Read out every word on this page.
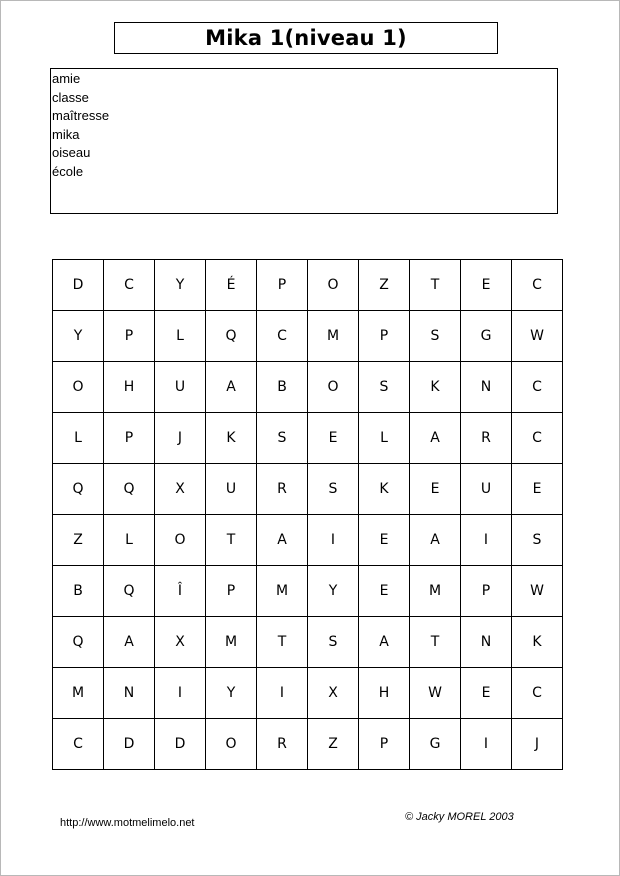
Mika 1(niveau 1)
amie
classe
maîtresse
mika
oiseau
école
D	C	Y	É	P	O	Z	T	E	C
Y	P	L	Q	C	M	P	S	G	W
O	H	U	A	B	O	S	K	N	C
L	P	J	K	S	E	L	A	R	C
Q	Q	X	U	R	S	K	E	U	E
Z	L	O	T	A	I	E	A	I	S
B	Q	Î	P	M	Y	E	M	P	W
Q	A	X	M	T	S	A	T	N	K
M	N	I	Y	I	X	H	W	E	C
C	D	D	O	R	Z	P	G	I	J
http://www.motmelimelo.net	© Jacky MOREL 2003
